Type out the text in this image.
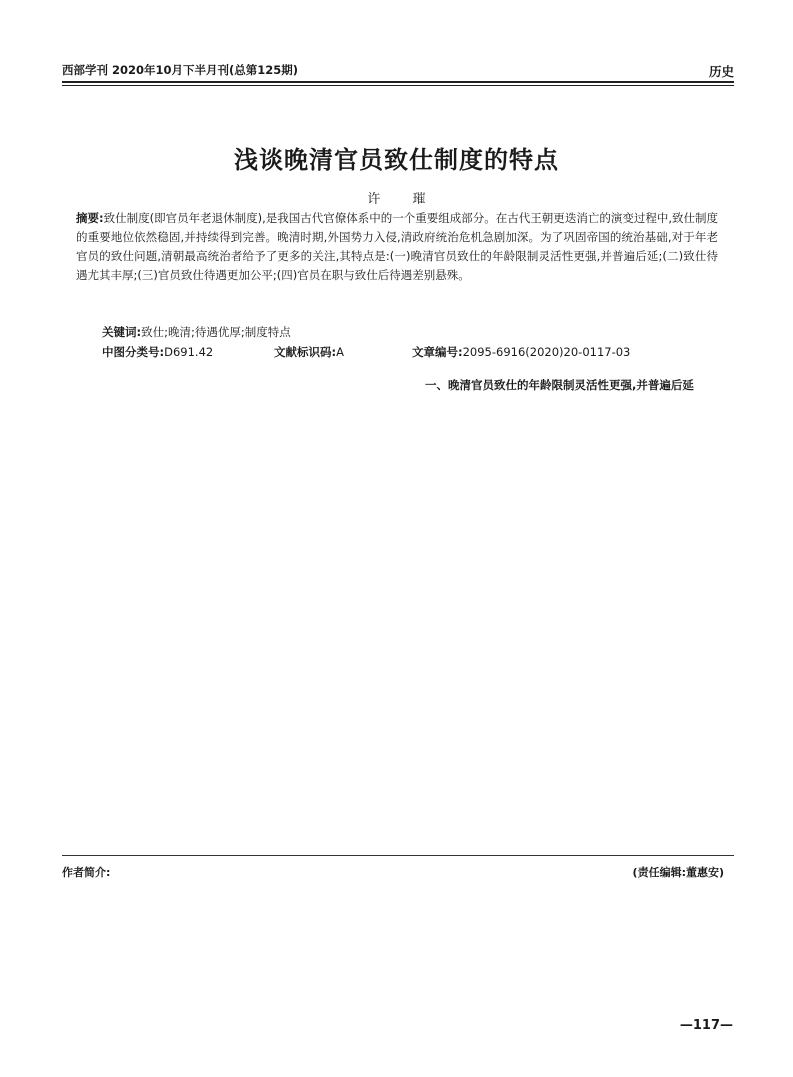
西部学刊 2020年10月下半月刊(总第125期)	历史
浅谈晚清官员致仕制度的特点
许 璀
摘要:致仕制度(即官员年老退休制度),是我国古代官僚体系中的一个重要组成部分。在古代王朝更迭消亡的演变过程中,致仕制度的重要地位依然稳固,并持续得到完善。晚清时期,外国势力入侵,清政府统治危机急剧加深。为了巩固帝国的统治基础,对于年老官员的致仕问题,清朝最高统治者给予了更多的关注,其特点是:(一)晚清官员致仕的年龄限制灵活性更强,并普遍后延;(二)致仕待遇尤其丰厚;(三)官员致仕待遇更加公平;(四)官员在职与致仕后待遇差别悬殊。
关键词:致仕;晚清;待遇优厚;制度特点
中图分类号:D691.42	文献标识码:A	文章编号:2095-6916(2020)20-0117-03

一、晚清官员致仕的年龄限制灵活性更强,并普遍后延

作者简介:	(责任编辑:董惠安)
—117—
